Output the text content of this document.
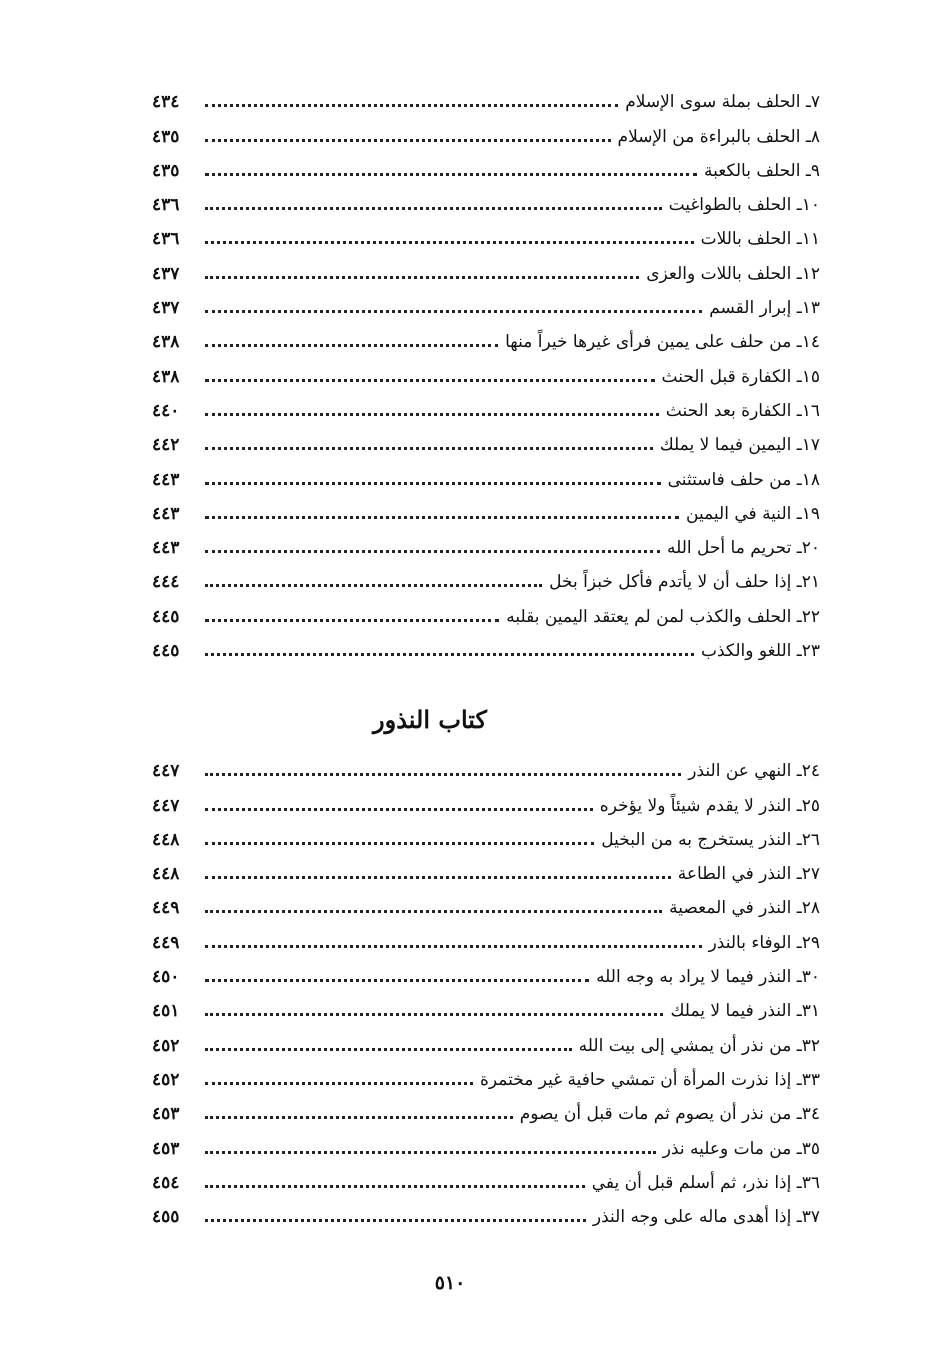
٧ـ الحلف بملة سوى الإسلام
٤٣٤
٨ـ الحلف بالبراءة من الإسلام
٤٣٥
٩ـ الحلف بالكعبة
٤٣٥
١٠ـ الحلف بالطواغيت
٤٣٦
١١ـ الحلف باللات
٤٣٦
١٢ـ الحلف باللات والعزى
٤٣٧
١٣ـ إبرار القسم
٤٣٧
١٤ـ من حلف على يمين فرأى غيرها خيراً منها
٤٣٨
١٥ـ الكفارة قبل الحنث
٤٣٨
١٦ـ الكفارة بعد الحنث
٤٤٠
١٧ـ اليمين فيما لا يملك
٤٤٢
١٨ـ من حلف فاستثنى
٤٤٣
١٩ـ النية في اليمين
٤٤٣
٢٠ـ تحريم ما أحل الله
٤٤٣
٢١ـ إذا حلف أن لا يأتدم فأكل خبزاً بخل
٤٤٤
٢٢ـ الحلف والكذب لمن لم يعتقد اليمين بقلبه
٤٤٥
٢٣ـ اللغو والكذب
٤٤٥
كتاب النذور
٢٤ـ النهي عن النذر
٤٤٧
٢٥ـ النذر لا يقدم شيئاً ولا يؤخره
٤٤٧
٢٦ـ النذر يستخرج به من البخيل
٤٤٨
٢٧ـ النذر في الطاعة
٤٤٨
٢٨ـ النذر في المعصية
٤٤٩
٢٩ـ الوفاء بالنذر
٤٤٩
٣٠ـ النذر فيما لا يراد به وجه الله
٤٥٠
٣١ـ النذر فيما لا يملك
٤٥١
٣٢ـ من نذر أن يمشي إلى بيت الله
٤٥٢
٣٣ـ إذا نذرت المرأة أن تمشي حافية غير مختمرة
٤٥٢
٣٤ـ من نذر أن يصوم ثم مات قبل أن يصوم
٤٥٣
٣٥ـ من مات وعليه نذر
٤٥٣
٣٦ـ إذا نذر، ثم أسلم قبل أن يفي
٤٥٤
٣٧ـ إذا أهدى ماله على وجه النذر
٤٥٥
٥١٠
